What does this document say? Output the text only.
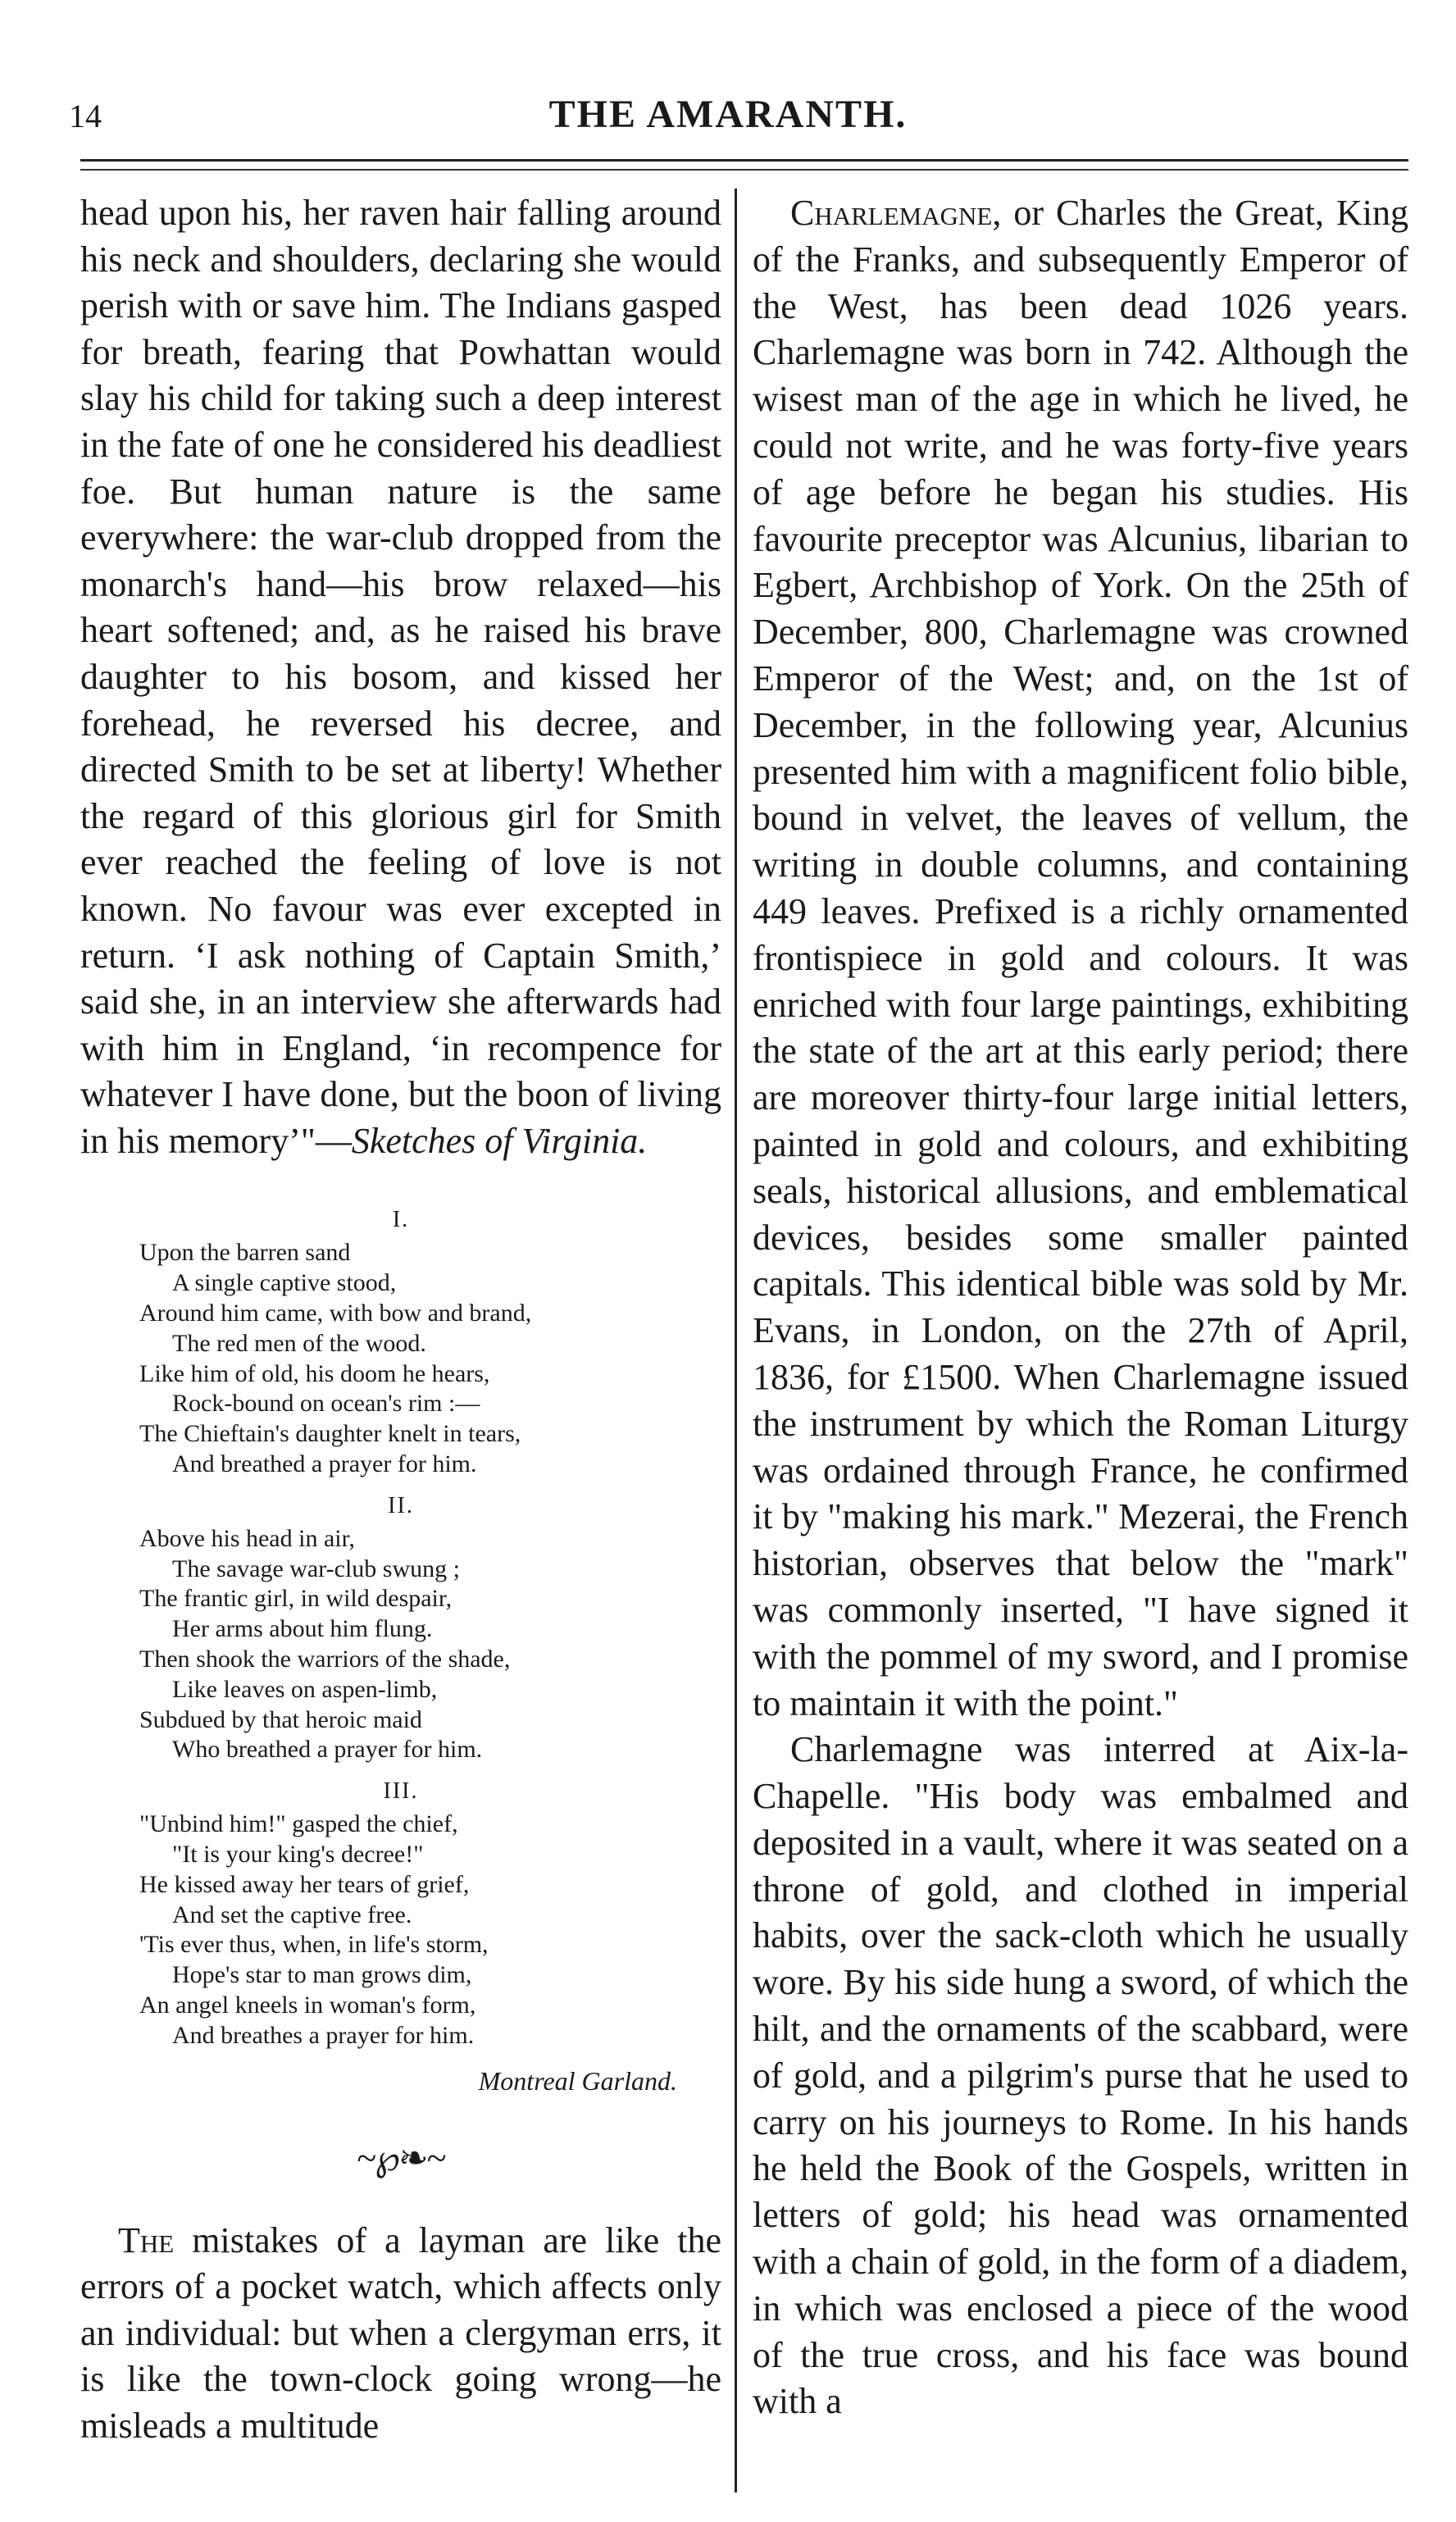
14	THE AMARANTH.

head upon his, her raven hair falling around his neck and shoulders, declaring she would perish with or save him. The Indians gasped for breath, fearing that Powhattan would slay his child for taking such a deep interest in the fate of one he considered his deadliest foe. But human nature is the same everywhere: the war-club dropped from the monarch's hand—his brow relaxed—his heart softened; and, as he raised his brave daughter to his bosom, and kissed her forehead, he reversed his decree, and directed Smith to be set at liberty! Whether the regard of this glorious girl for Smith ever reached the feeling of love is not known. No favour was ever excepted in return. ‘I ask nothing of Captain Smith,’ said she, in an interview she afterwards had with him in England, ‘in recompence for whatever I have done, but the boon of living in his memory’"—Sketches of Virginia.

I.
Upon the barren sand
A single captive stood,
Around him came, with bow and brand,
The red men of the wood.
Like him of old, his doom he hears,
Rock-bound on ocean's rim :—
The Chieftain's daughter knelt in tears,
And breathed a prayer for him.
II.
Above his head in air,
The savage war-club swung ;
The frantic girl, in wild despair,
Her arms about him flung.
Then shook the warriors of the shade,
Like leaves on aspen-limb,
Subdued by that heroic maid
Who breathed a prayer for him.
III.
"Unbind him!" gasped the chief,
"It is your king's decree!"
He kissed away her tears of grief,
And set the captive free.
'Tis ever thus, when, in life's storm,
Hope's star to man grows dim,
An angel kneels in woman's form,
And breathes a prayer for him.

Montreal Garland.

~℘❧~

The mistakes of a layman are like the errors of a pocket watch, which affects only an individual: but when a clergyman errs, it is like the town-clock going wrong—he misleads a multitude

Charlemagne, or Charles the Great, King of the Franks, and subsequently Emperor of the West, has been dead 1026 years. Charlemagne was born in 742. Although the wisest man of the age in which he lived, he could not write, and he was forty-five years of age before he began his studies. His favourite preceptor was Alcunius, libarian to Egbert, Archbishop of York. On the 25th of December, 800, Charlemagne was crowned Emperor of the West; and, on the 1st of December, in the following year, Alcunius presented him with a magnificent folio bible, bound in velvet, the leaves of vellum, the writing in double columns, and containing 449 leaves. Prefixed is a richly ornamented frontispiece in gold and colours. It was enriched with four large paintings, exhibiting the state of the art at this early period; there are moreover thirty-four large initial letters, painted in gold and colours, and exhibiting seals, historical allusions, and emblematical devices, besides some smaller painted capitals. This identical bible was sold by Mr. Evans, in London, on the 27th of April, 1836, for £1500. When Charlemagne issued the instrument by which the Roman Liturgy was ordained through France, he confirmed it by "making his mark." Mezerai, the French historian, observes that below the "mark" was commonly inserted, "I have signed it with the pommel of my sword, and I promise to maintain it with the point."

Charlemagne was interred at Aix-la-Chapelle. "His body was embalmed and deposited in a vault, where it was seated on a throne of gold, and clothed in imperial habits, over the sack-cloth which he usually wore. By his side hung a sword, of which the hilt, and the ornaments of the scabbard, were of gold, and a pilgrim's purse that he used to carry on his journeys to Rome. In his hands he held the Book of the Gospels, written in letters of gold; his head was ornamented with a chain of gold, in the form of a diadem, in which was enclosed a piece of the wood of the true cross, and his face was bound with a
